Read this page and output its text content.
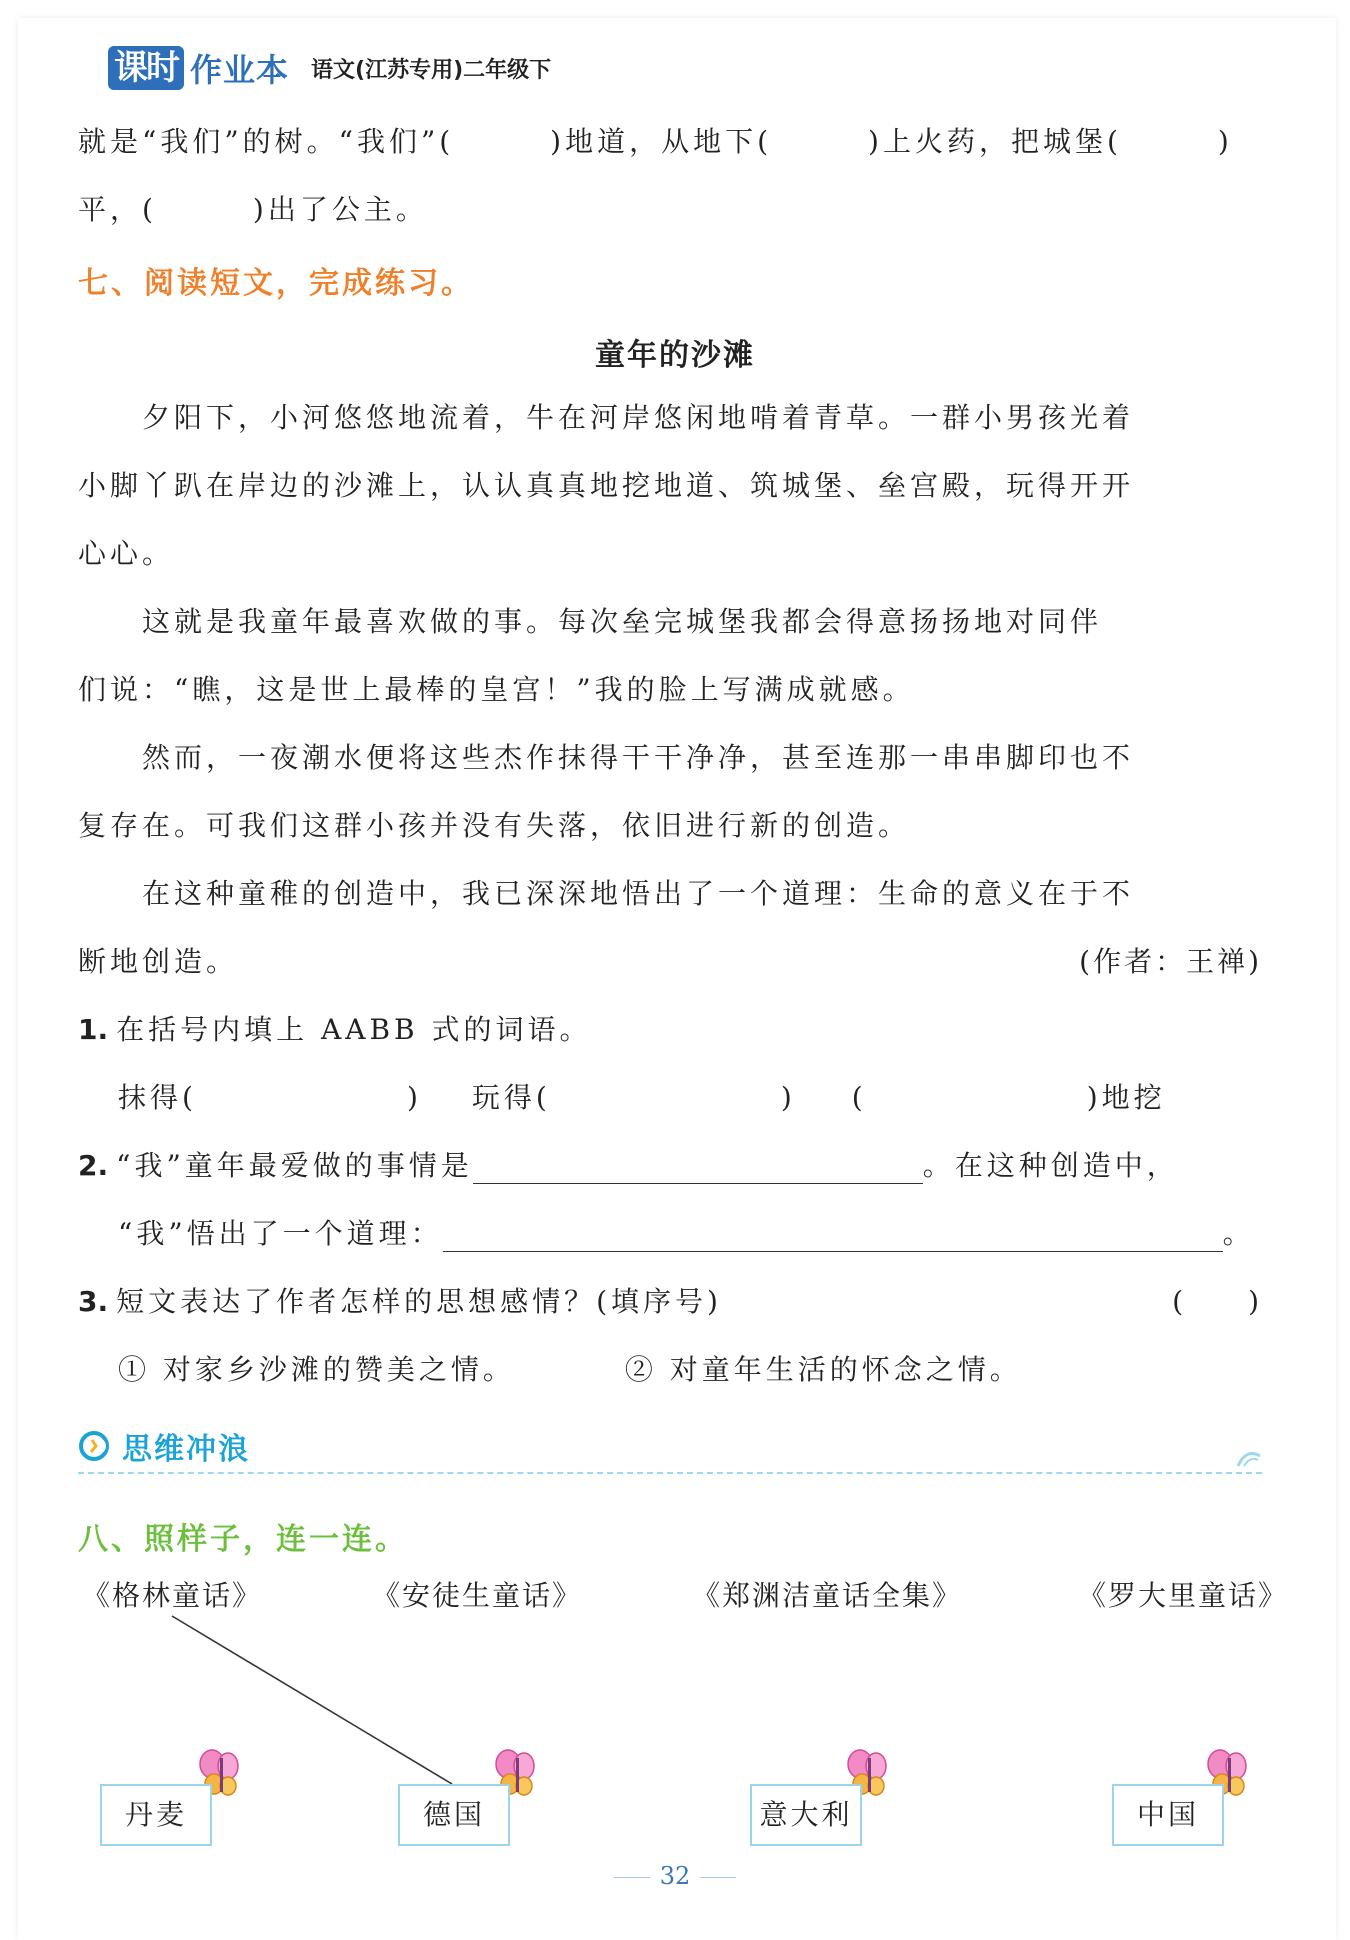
课时 作业本 语文(江苏专用)二年级下
就是“我们”的树。“我们”(　　　)地道，从地下(　　　)上火药，把城堡(　　　)
平，(　　　)出了公主。
七、阅读短文，完成练习。
童年的沙滩
　　夕阳下，小河悠悠地流着，牛在河岸悠闲地啃着青草。一群小男孩光着
小脚丫趴在岸边的沙滩上，认认真真地挖地道、筑城堡、垒宫殿，玩得开开
心心。
　　这就是我童年最喜欢做的事。每次垒完城堡我都会得意扬扬地对同伴
们说：“瞧，这是世上最棒的皇宫！”我的脸上写满成就感。
　　然而，一夜潮水便将这些杰作抹得干干净净，甚至连那一串串脚印也不
复存在。可我们这群小孩并没有失落，依旧进行新的创造。
　　在这种童稚的创造中，我已深深地悟出了一个道理：生命的意义在于不
断地创造。	(作者：王禅)
1. 在括号内填上 AABB 式的词语。
抹得(	) 玩得(	) (	)地挖
2. “我”童年最爱做的事情是	。在这种创造中，
“我”悟出了一个道理：	。
3. 短文表达了作者怎样的思想感情？(填序号)	(　　)
① 对家乡沙滩的赞美之情。	② 对童年生活的怀念之情。
思维冲浪
八、照样子，连一连。
《格林童话》	《安徒生童话》	《郑渊洁童话全集》	《罗大里童话》
丹麦	德国	意大利	中国
32
